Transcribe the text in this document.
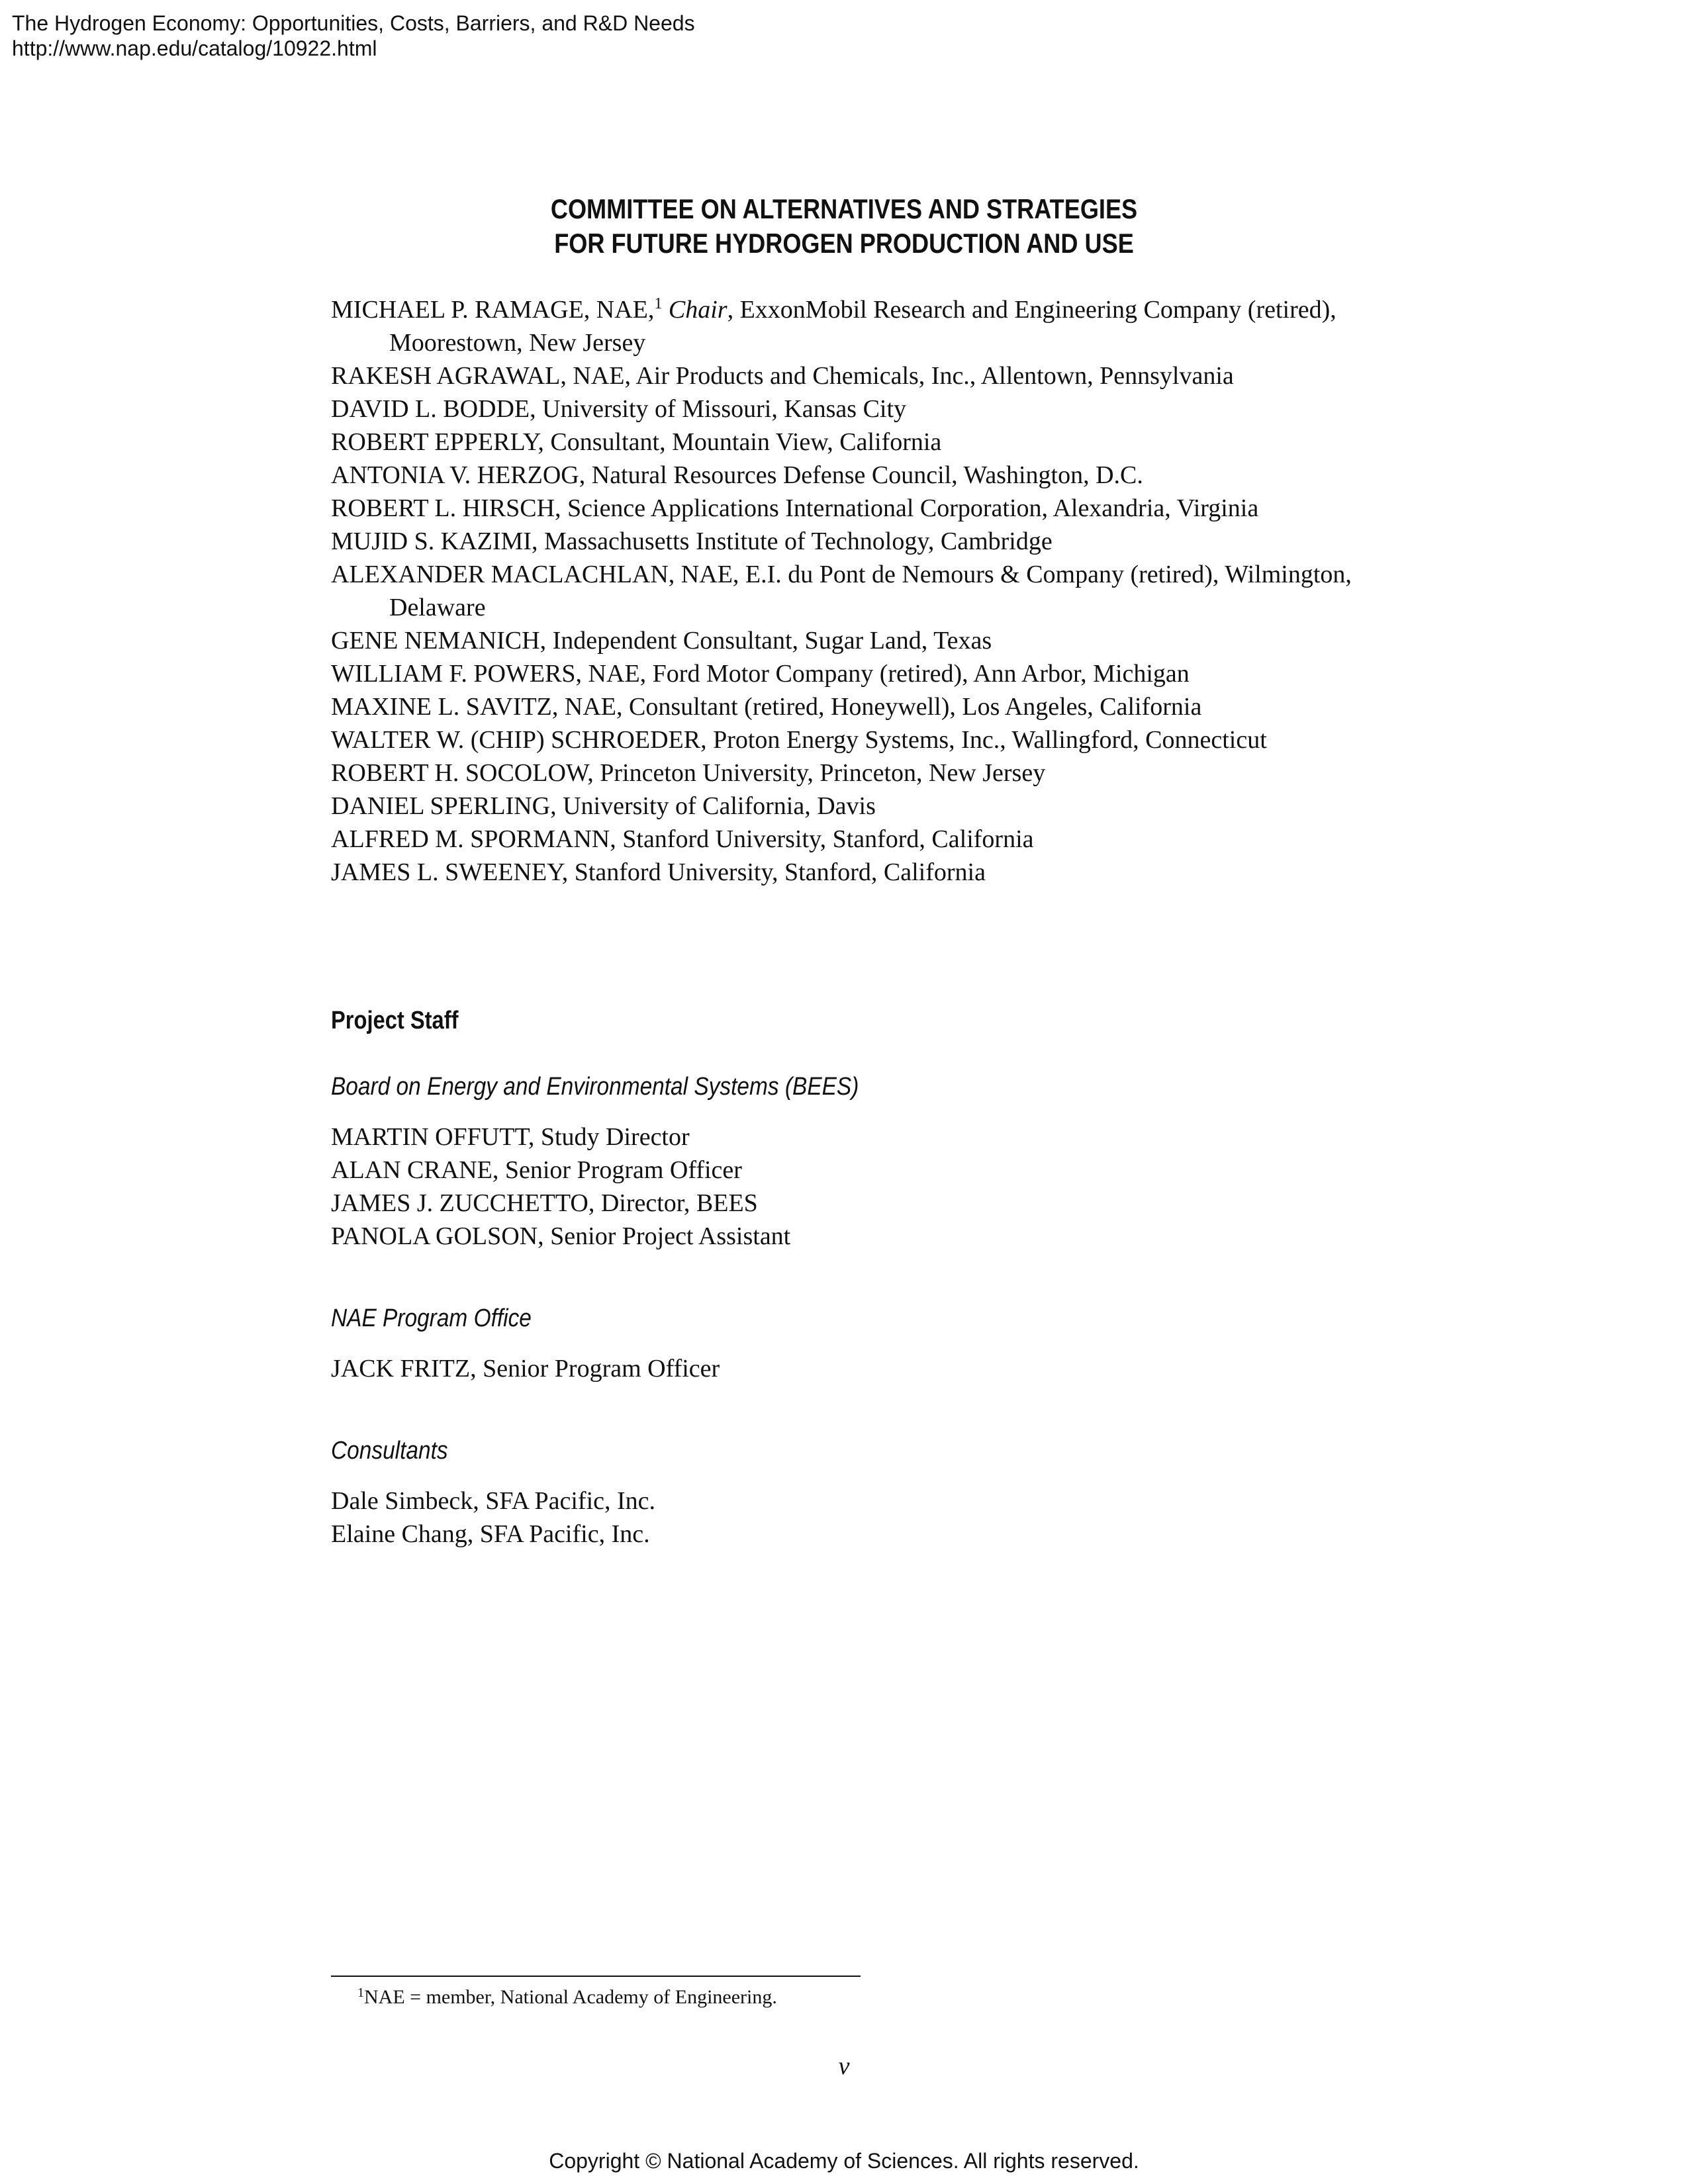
The Hydrogen Economy: Opportunities, Costs, Barriers, and R&D Needs
http://www.nap.edu/catalog/10922.html
COMMITTEE ON ALTERNATIVES AND STRATEGIES
FOR FUTURE HYDROGEN PRODUCTION AND USE
MICHAEL P. RAMAGE, NAE,$^1$ Chair, ExxonMobil Research and Engineering Company (retired), Moorestown, New Jersey
RAKESH AGRAWAL, NAE, Air Products and Chemicals, Inc., Allentown, Pennsylvania
DAVID L. BODDE, University of Missouri, Kansas City
ROBERT EPPERLY, Consultant, Mountain View, California
ANTONIA V. HERZOG, Natural Resources Defense Council, Washington, D.C.
ROBERT L. HIRSCH, Science Applications International Corporation, Alexandria, Virginia
MUJID S. KAZIMI, Massachusetts Institute of Technology, Cambridge
ALEXANDER MACLACHLAN, NAE, E.I. du Pont de Nemours & Company (retired), Wilmington, Delaware
GENE NEMANICH, Independent Consultant, Sugar Land, Texas
WILLIAM F. POWERS, NAE, Ford Motor Company (retired), Ann Arbor, Michigan
MAXINE L. SAVITZ, NAE, Consultant (retired, Honeywell), Los Angeles, California
WALTER W. (CHIP) SCHROEDER, Proton Energy Systems, Inc., Wallingford, Connecticut
ROBERT H. SOCOLOW, Princeton University, Princeton, New Jersey
DANIEL SPERLING, University of California, Davis
ALFRED M. SPORMANN, Stanford University, Stanford, California
JAMES L. SWEENEY, Stanford University, Stanford, California
Project Staff
Board on Energy and Environmental Systems (BEES)
MARTIN OFFUTT, Study Director
ALAN CRANE, Senior Program Officer
JAMES J. ZUCCHETTO, Director, BEES
PANOLA GOLSON, Senior Project Assistant
NAE Program Office
JACK FRITZ, Senior Program Officer
Consultants
Dale Simbeck, SFA Pacific, Inc.
Elaine Chang, SFA Pacific, Inc.
$^1$NAE = member, National Academy of Engineering.
v
Copyright © National Academy of Sciences. All rights reserved.
